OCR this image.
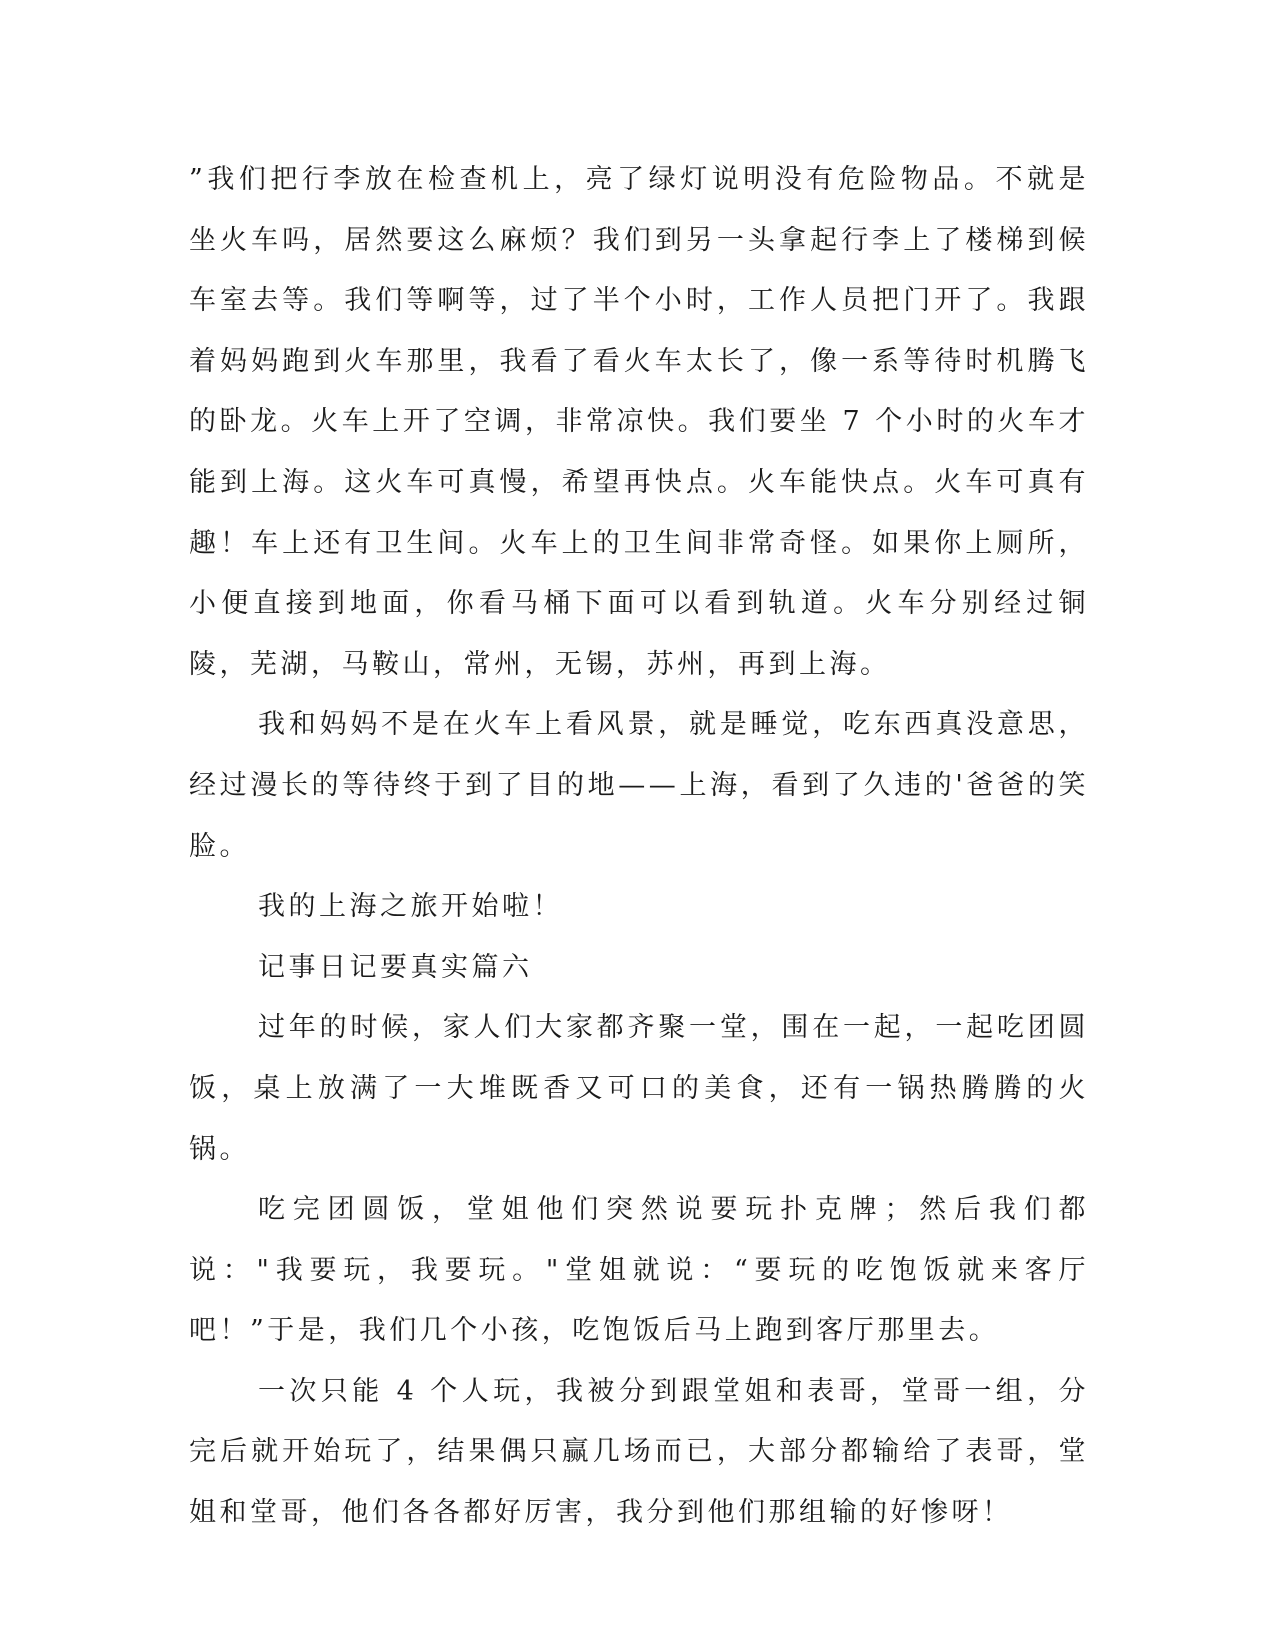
”我们把行李放在检查机上，亮了绿灯说明没有危险物品。不就是坐火车吗，居然要这么麻烦？我们到另一头拿起行李上了楼梯到候车室去等。我们等啊等，过了半个小时，工作人员把门开了。我跟着妈妈跑到火车那里，我看了看火车太长了，像一系等待时机腾飞的卧龙。火车上开了空调，非常凉快。我们要坐 7 个小时的火车才能到上海。这火车可真慢，希望再快点。火车能快点。火车可真有趣！车上还有卫生间。火车上的卫生间非常奇怪。如果你上厕所，小便直接到地面，你看马桶下面可以看到轨道。火车分别经过铜陵，芜湖，马鞍山，常州，无锡，苏州，再到上海。

我和妈妈不是在火车上看风景，就是睡觉，吃东西真没意思，经过漫长的等待终于到了目的地——上海，看到了久违的'爸爸的笑脸。

我的上海之旅开始啦！

记事日记要真实篇六

过年的时候，家人们大家都齐聚一堂，围在一起，一起吃团圆饭，桌上放满了一大堆既香又可口的美食，还有一锅热腾腾的火锅。

吃完团圆饭，堂姐他们突然说要玩扑克牌；然后我们都说："我要玩，我要玩。"堂姐就说：“要玩的吃饱饭就来客厅吧！”于是，我们几个小孩，吃饱饭后马上跑到客厅那里去。

一次只能 4 个人玩，我被分到跟堂姐和表哥，堂哥一组，分完后就开始玩了，结果偶只赢几场而已，大部分都输给了表哥，堂姐和堂哥，他们各各都好厉害，我分到他们那组输的好惨呀！
